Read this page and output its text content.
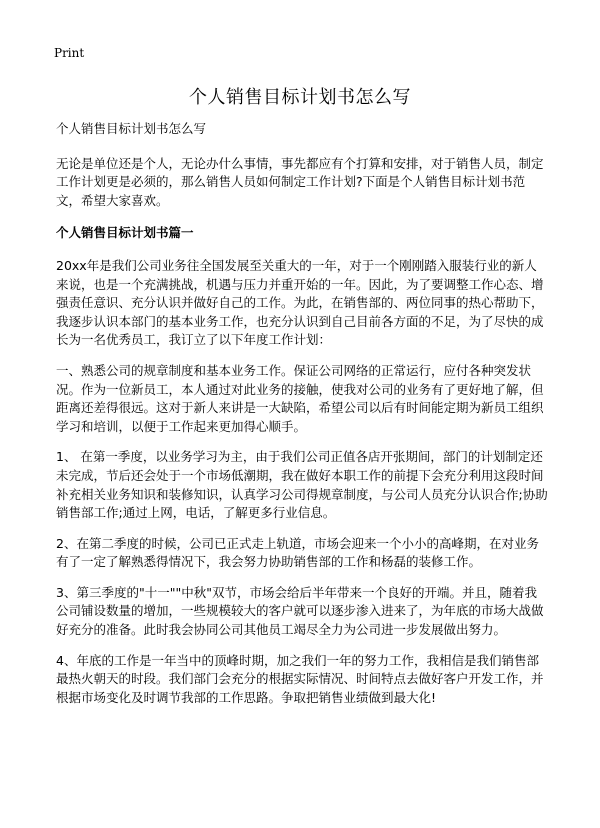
Print
个人销售目标计划书怎么写

个人销售目标计划书怎么写

无论是单位还是个人，无论办什么事情，事先都应有个打算和安排，对于销售人员，制定工作计划更是必须的，那么销售人员如何制定工作计划?下面是个人销售目标计划书范文，希望大家喜欢。

个人销售目标计划书篇一

20xx年是我们公司业务往全国发展至关重大的一年，对于一个刚刚踏入服装行业的新人来说，也是一个充满挑战，机遇与压力并重开始的一年。因此，为了要调整工作心态、增强责任意识、充分认识并做好自己的工作。为此，在销售部的、两位同事的热心帮助下，我逐步认识本部门的基本业务工作，也充分认识到自己目前各方面的不足，为了尽快的成长为一名优秀员工，我订立了以下年度工作计划：

一、熟悉公司的规章制度和基本业务工作。保证公司网络的正常运行，应付各种突发状况。作为一位新员工，本人通过对此业务的接触，使我对公司的业务有了更好地了解，但距离还差得很远。这对于新人来讲是一大缺陷，希望公司以后有时间能定期为新员工组织学习和培训，以便于工作起来更加得心顺手。

1、 在第一季度，以业务学习为主，由于我们公司正值各店开张期间，部门的计划制定还未完成，节后还会处于一个市场低潮期，我在做好本职工作的前提下会充分利用这段时间补充相关业务知识和装修知识，认真学习公司得规章制度，与公司人员充分认识合作;协助销售部工作;通过上网，电话，了解更多行业信息。

2、在第二季度的时候，公司已正式走上轨道，市场会迎来一个小小的高峰期，在对业务有了一定了解熟悉得情况下，我会努力协助销售部的工作和杨磊的装修工作。

3、第三季度的"十一""中秋"双节，市场会给后半年带来一个良好的开端。并且，随着我公司铺设数量的增加，一些规模较大的客户就可以逐步渗入进来了，为年底的市场大战做好充分的准备。此时我会协同公司其他员工竭尽全力为公司进一步发展做出努力。

4、年底的工作是一年当中的顶峰时期，加之我们一年的努力工作，我相信是我们销售部最热火朝天的时段。我们部门会充分的根据实际情况、时间特点去做好客户开发工作，并根据市场变化及时调节我部的工作思路。争取把销售业绩做到最大化!
